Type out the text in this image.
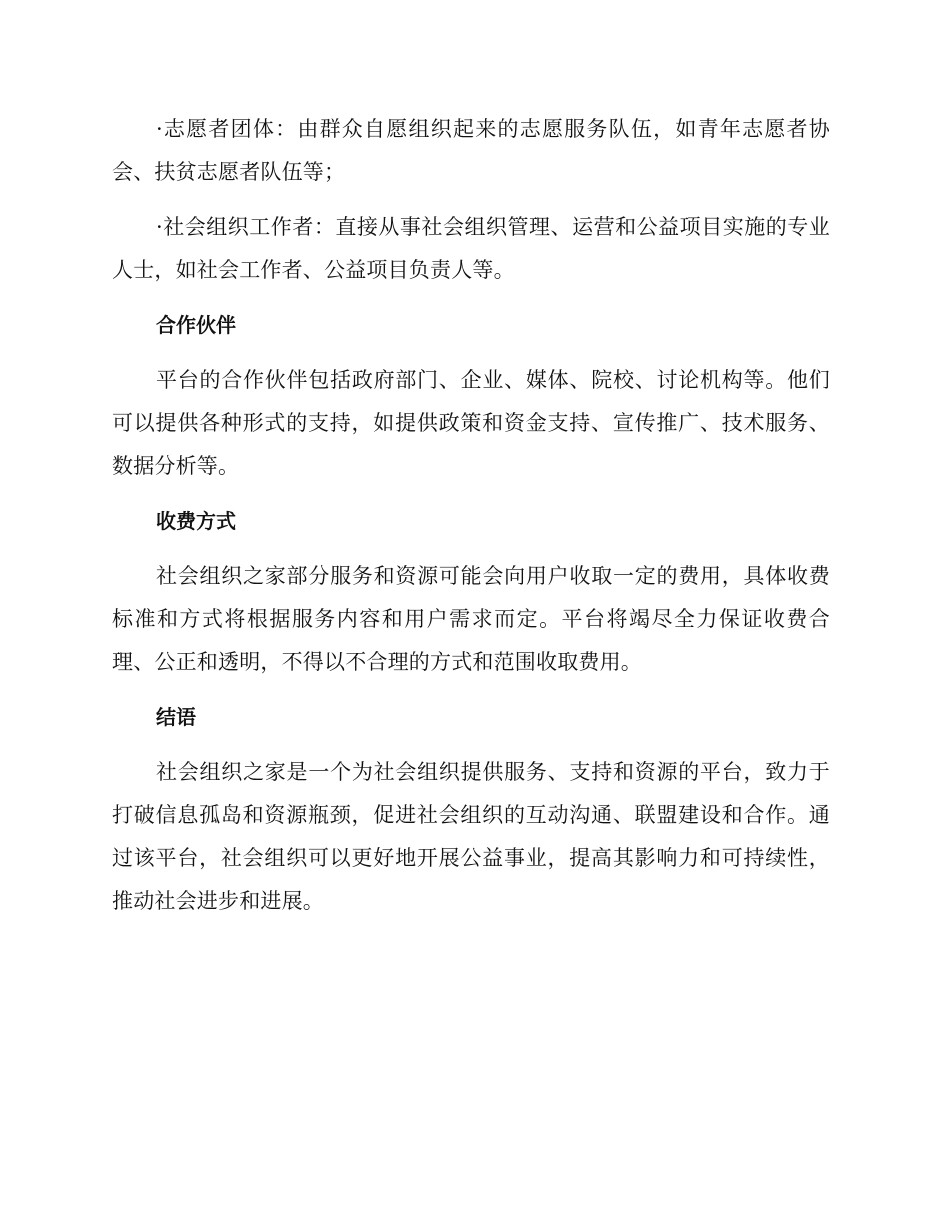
·志愿者团体：由群众自愿组织起来的志愿服务队伍，如青年志愿者协会、扶贫志愿者队伍等；

·社会组织工作者：直接从事社会组织管理、运营和公益项目实施的专业人士，如社会工作者、公益项目负责人等。

合作伙伴

平台的合作伙伴包括政府部门、企业、媒体、院校、讨论机构等。他们可以提供各种形式的支持，如提供政策和资金支持、宣传推广、技术服务、数据分析等。

收费方式

社会组织之家部分服务和资源可能会向用户收取一定的费用，具体收费标准和方式将根据服务内容和用户需求而定。平台将竭尽全力保证收费合理、公正和透明，不得以不合理的方式和范围收取费用。

结语

社会组织之家是一个为社会组织提供服务、支持和资源的平台，致力于打破信息孤岛和资源瓶颈，促进社会组织的互动沟通、联盟建设和合作。通过该平台，社会组织可以更好地开展公益事业，提高其影响力和可持续性，推动社会进步和进展。
